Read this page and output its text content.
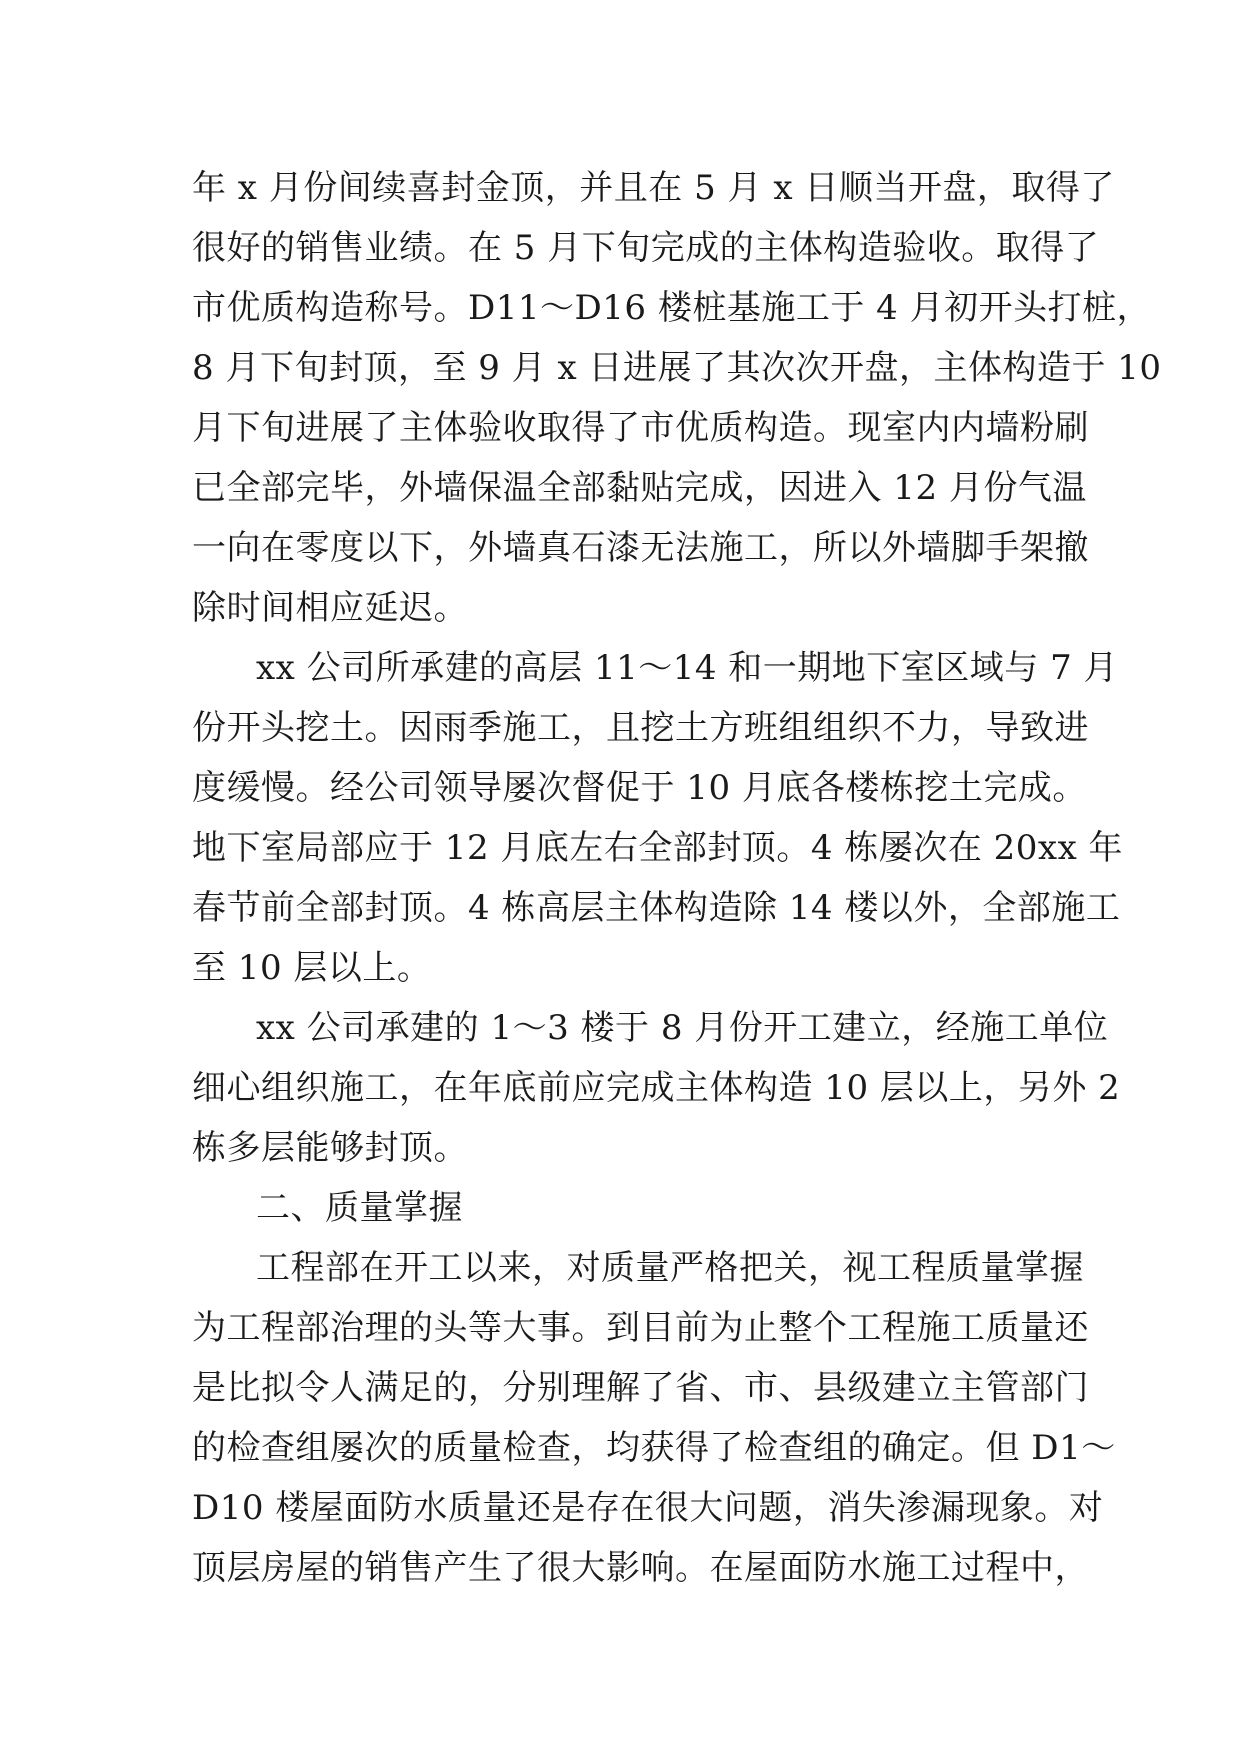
年 x 月份间续喜封金顶，并且在 5 月 x 日顺当开盘，取得了
很好的销售业绩。在 5 月下旬完成的主体构造验收。取得了
市优质构造称号。D11～D16 楼桩基施工于 4 月初开头打桩，
8 月下旬封顶，至 9 月 x 日进展了其次次开盘，主体构造于 10
月下旬进展了主体验收取得了市优质构造。现室内内墙粉刷
已全部完毕，外墙保温全部黏贴完成，因进入 12 月份气温
一向在零度以下，外墙真石漆无法施工，所以外墙脚手架撤
除时间相应延迟。
xx 公司所承建的高层 11～14 和一期地下室区域与 7 月
份开头挖土。因雨季施工，且挖土方班组组织不力，导致进
度缓慢。经公司领导屡次督促于 10 月底各楼栋挖土完成。
地下室局部应于 12 月底左右全部封顶。4 栋屡次在 20xx 年
春节前全部封顶。4 栋高层主体构造除 14 楼以外，全部施工
至 10 层以上。
xx 公司承建的 1～3 楼于 8 月份开工建立，经施工单位
细心组织施工，在年底前应完成主体构造 10 层以上，另外 2
栋多层能够封顶。
二、质量掌握
工程部在开工以来，对质量严格把关，视工程质量掌握
为工程部治理的头等大事。到目前为止整个工程施工质量还
是比拟令人满足的，分别理解了省、市、县级建立主管部门
的检查组屡次的质量检查，均获得了检查组的确定。但 D1～
D10 楼屋面防水质量还是存在很大问题，消失渗漏现象。对
顶层房屋的销售产生了很大影响。在屋面防水施工过程中，
